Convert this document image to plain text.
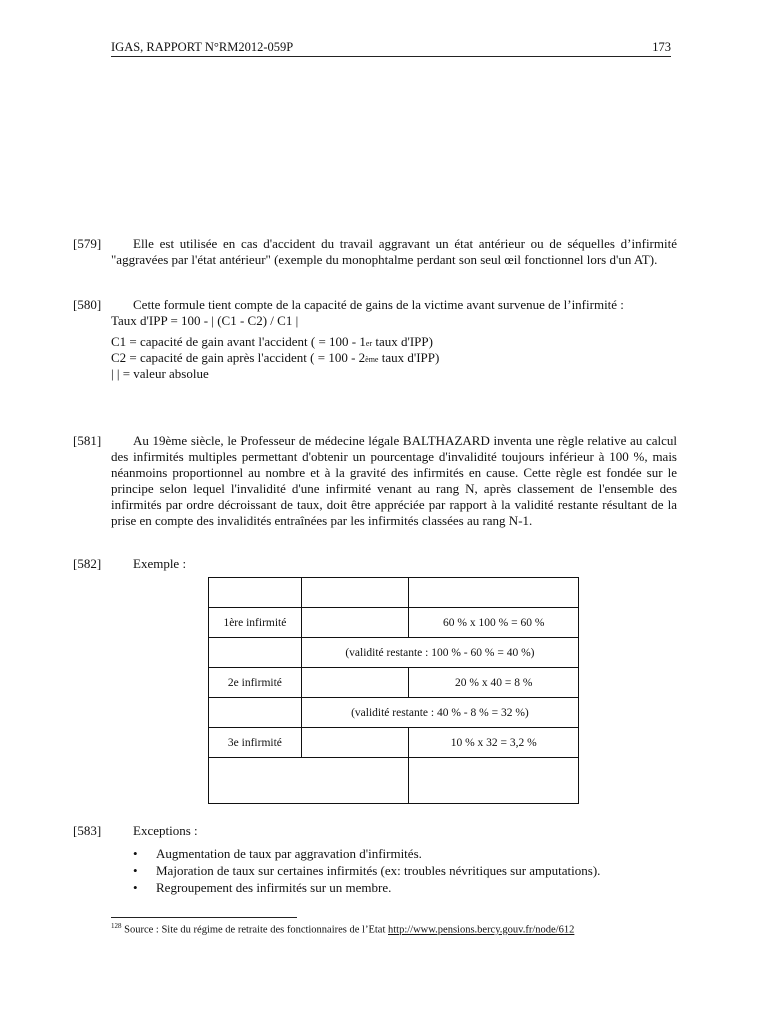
IGAS, RAPPORT N°RM2012-059P	173
[579]	Elle est utilisée en cas d'accident du travail aggravant un état antérieur ou de séquelles d’infirmité "aggravées par l'état antérieur" (exemple du monophtalme perdant son seul œil fonctionnel lors d'un AT).
[580]	Cette formule tient compte de la capacité de gains de la victime avant survenue de l’infirmité :
Taux d'IPP = 100 - | (C1 - C2) / C1 |
C1 = capacité de gain avant l'accident ( = 100 - 1er taux d'IPP)
C2 = capacité de gain après l'accident ( = 100 - 2ème taux d'IPP)
| | = valeur absolue
[581]	Au 19ème siècle, le Professeur de médecine légale BALTHAZARD inventa une règle relative au calcul des infirmités multiples permettant d'obtenir un pourcentage d'invalidité toujours inférieur à 100 %, mais néanmoins proportionnel au nombre et à la gravité des infirmités en cause. Cette règle est fondée sur le principe selon lequel l'invalidité d'une infirmité venant au rang N, après classement de l'ensemble des infirmités par ordre décroissant de taux, doit être appréciée par rapport à la validité restante résultant de la prise en compte des invalidités entraînées par les infirmités classées au rang N-1.
[582] Exemple :

1ère infirmité		60 % x 100 % = 60 %
	(validité restante : 100 % - 60 % = 40 %)	
2e infirmité		20 % x 40 = 8 %
	(validité restante : 40 % - 8 % = 32 %)	
3e infirmité		10 % x 32 = 3,2 %

[583] Exceptions :
• Augmentation de taux par aggravation d'infirmités.
• Majoration de taux sur certaines infirmités (ex: troubles névritiques sur amputations).
• Regroupement des infirmités sur un membre.
$^{128}$ Source : Site du régime de retraite des fonctionnaires de l’Etat http://www.pensions.bercy.gouv.fr/node/612
